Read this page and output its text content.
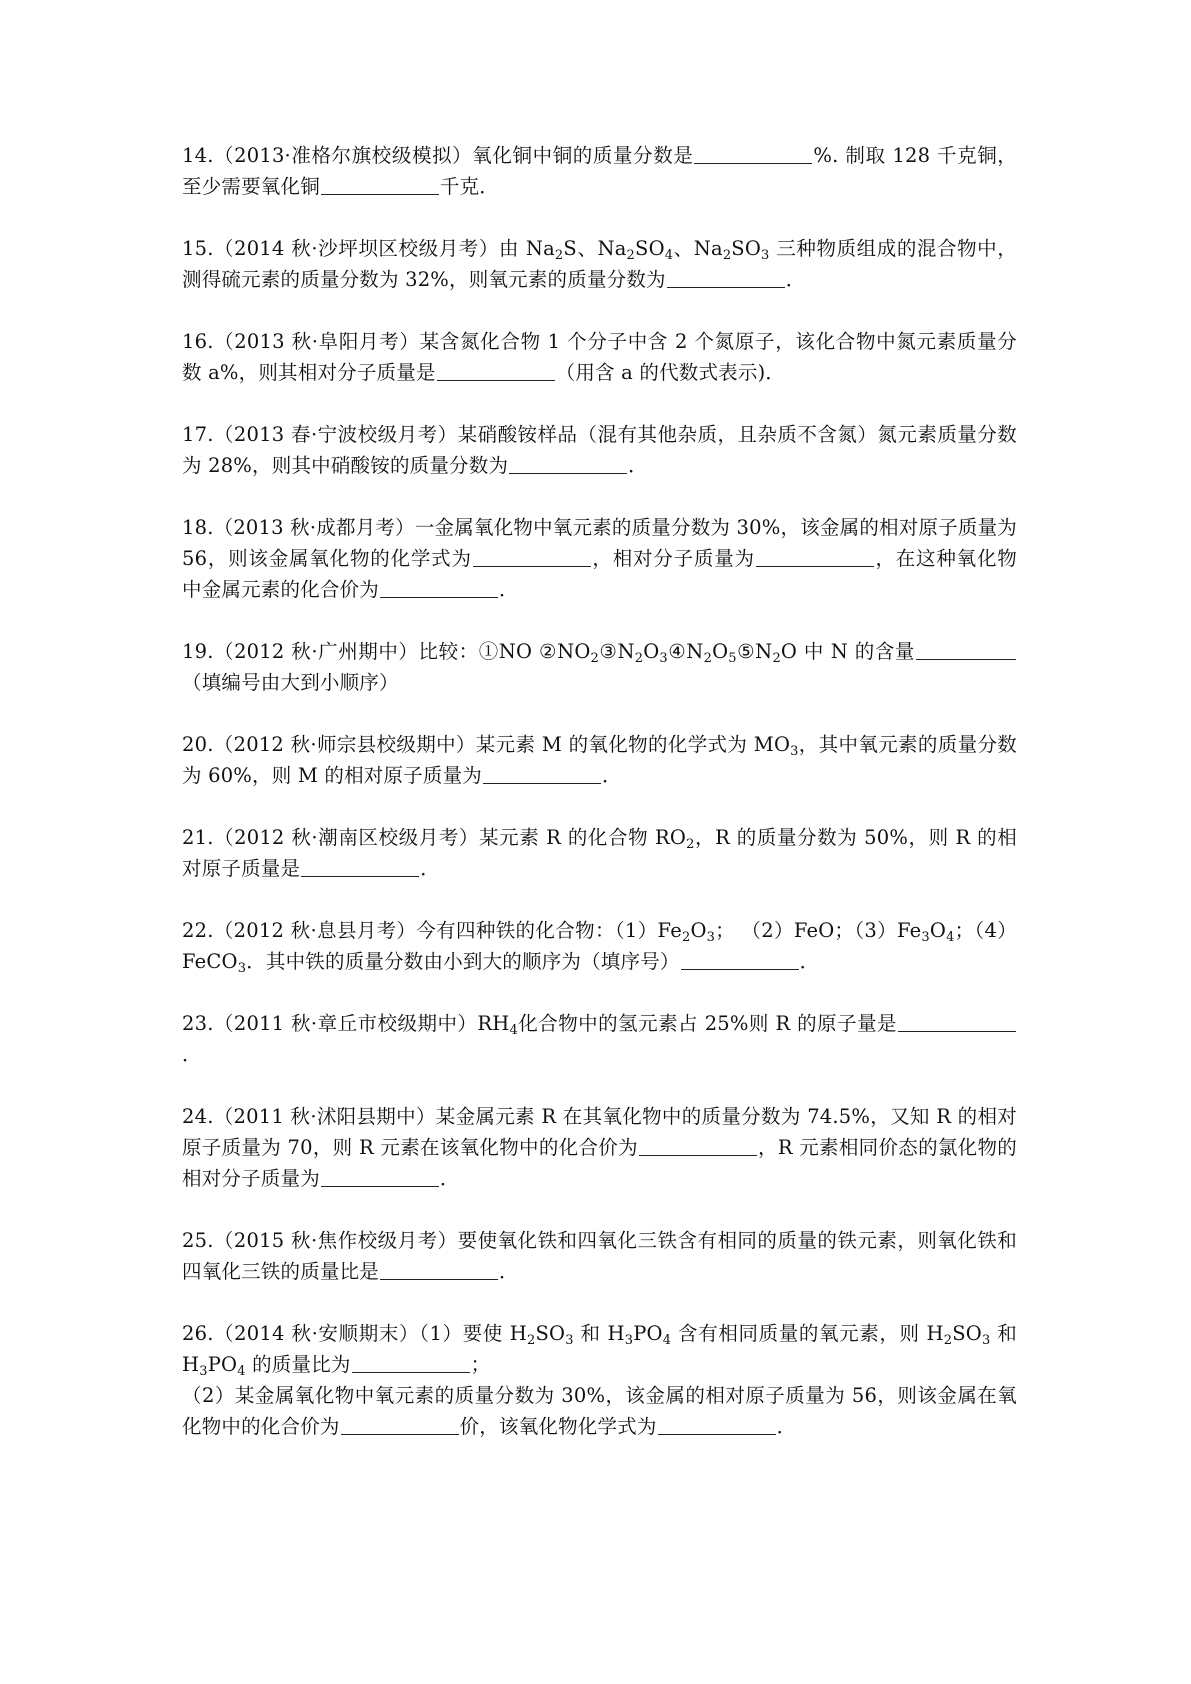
14.（2013·准格尔旗校级模拟）氧化铜中铜的质量分数是	%. 制取 128 千克铜，至少需要氧化铜	千克．

15.（2014 秋·沙坪坝区校级月考）由 $Na_2S$、$Na_2SO_4$、$Na_2SO_3$ 三种物质组成的混合物中，测得硫元素的质量分数为 32%，则氧元素的质量分数为	．

16.（2013 秋·阜阳月考）某含氮化合物 1 个分子中含 2 个氮原子，该化合物中氮元素质量分数 a%，则其相对分子质量是	（用含 a 的代数式表示)．

17.（2013 春·宁波校级月考）某硝酸铵样品（混有其他杂质，且杂质不含氮）氮元素质量分数为 28%，则其中硝酸铵的质量分数为	．

18.（2013 秋·成都月考）一金属氧化物中氧元素的质量分数为 30%，该金属的相对原子质量为 56，则该金属氧化物的化学式为	，相对分子质量为	，在这种氧化物中金属元素的化合价为	．

19.（2012 秋·广州期中）比较：①NO $②NO_2③N_2O_3④N_2O_5⑤N_2O$ 中 N 的含量（填编号由大到小顺序）

20.（2012 秋·师宗县校级期中）某元素 M 的氧化物的化学式为 $MO_3$，其中氧元素的质量分数为 60%，则 M 的相对原子质量为	．

21.（2012 秋·潮南区校级月考）某元素 R 的化合物 $RO_2$，R 的质量分数为 50%，则 R 的相对原子质量是	．

22.（2012 秋·息县月考）今有四种铁的化合物：$(1)Fe_2O_3$； （2）FeO；$(3)Fe_3O_4$；（4）FeCO$_3$．其中铁的质量分数由小到大的顺序为（填序号）	．

23.（2011 秋·章丘市校级期中）$RH_4$化合物中的氢元素占 25%则 R 的原子量是．

24.（2011 秋·沭阳县期中）某金属元素 R 在其氧化物中的质量分数为 74.5%，又知 R 的相对原子质量为 70，则 R 元素在该氧化物中的化合价为	，R 元素相同价态的氯化物的相对分子质量为	．

25.（2015 秋·焦作校级月考）要使氧化铁和四氧化三铁含有相同的质量的铁元素，则氧化铁和四氧化三铁的质量比是	．

26.（2014 秋·安顺期末）（1）要使 $H_2SO_3$ 和 $H_3PO_4$ 含有相同质量的氧元素，则 $H_2SO_3$ 和 $H_3PO_4$ 的质量比为	；

（2）某金属氧化物中氧元素的质量分数为 30%，该金属的相对原子质量为 56，则该金属在氧化物中的化合价为	价，该氧化物化学式为	．
